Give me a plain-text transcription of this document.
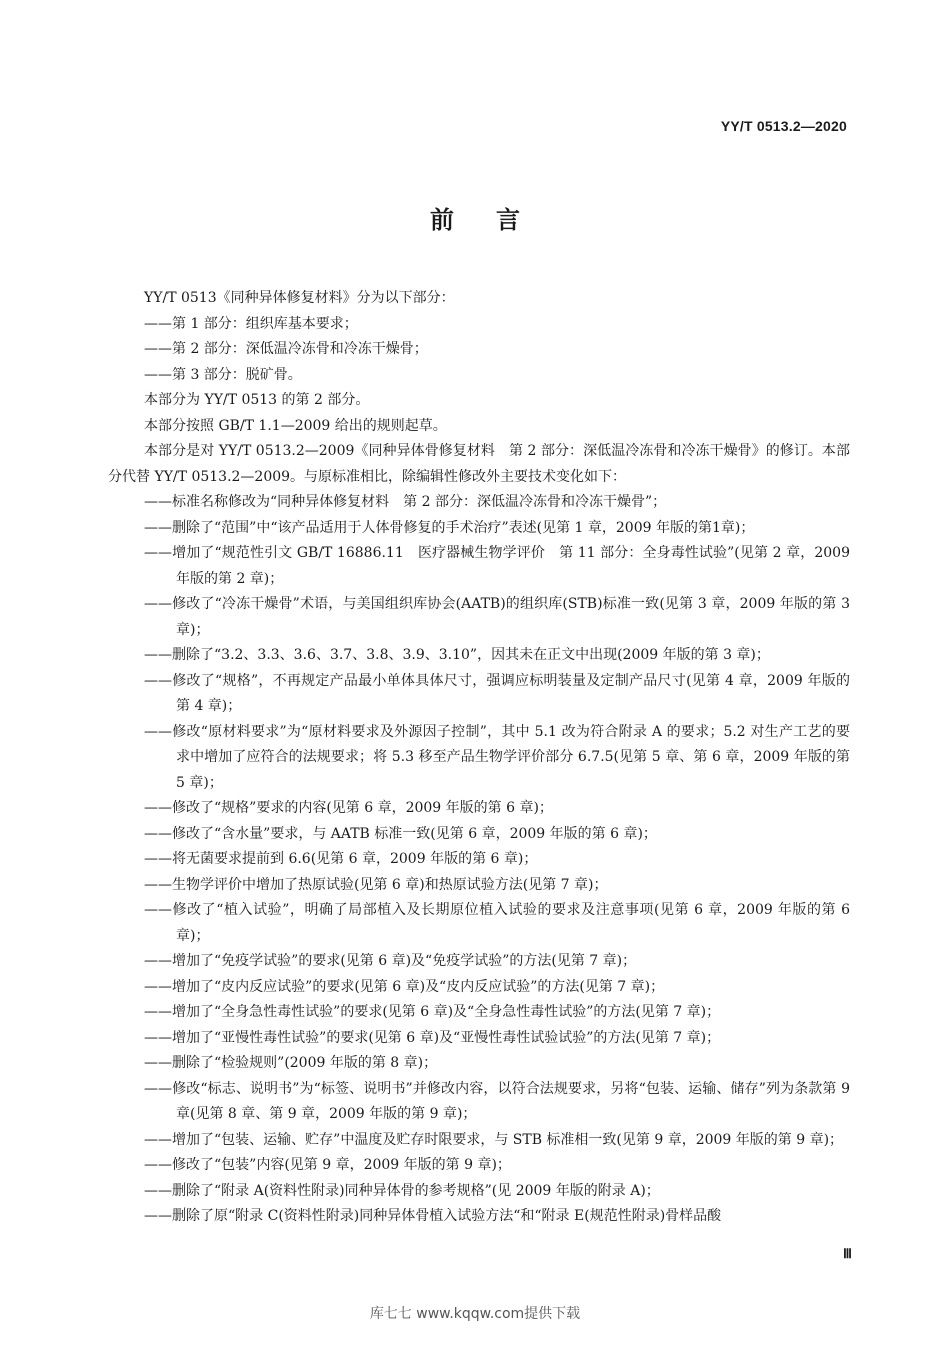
YY/T 0513.2—2020
前言

YY/T 0513《同种异体修复材料》分为以下部分：

——第 1 部分：组织库基本要求；

——第 2 部分：深低温冷冻骨和冷冻干燥骨；

——第 3 部分：脱矿骨。

本部分为 YY/T 0513 的第 2 部分。

本部分按照 GB/T 1.1—2009 给出的规则起草。

本部分是对 YY/T 0513.2—2009《同种异体骨修复材料　第 2 部分：深低温冷冻骨和冷冻干燥骨》的修订。本部分代替 YY/T 0513.2—2009。与原标准相比，除编辑性修改外主要技术变化如下：

——标准名称修改为“同种异体修复材料　第 2 部分：深低温冷冻骨和冷冻干燥骨”；

——删除了“范围”中“该产品适用于人体骨修复的手术治疗”表述(见第 1 章，2009 年版的第1章)；

——增加了“规范性引文 GB/T 16886.11　医疗器械生物学评价　第 11 部分：全身毒性试验”(见第 2 章，2009 年版的第 2 章)；

——修改了“冷冻干燥骨”术语，与美国组织库协会(AATB)的组织库(STB)标准一致(见第 3 章，2009 年版的第 3 章)；

——删除了“3.2、3.3、3.6、3.7、3.8、3.9、3.10”，因其未在正文中出现(2009 年版的第 3 章)；

——修改了“规格”，不再规定产品最小单体具体尺寸，强调应标明装量及定制产品尺寸(见第 4 章，2009 年版的第 4 章)；

——修改“原材料要求”为“原材料要求及外源因子控制”，其中 5.1 改为符合附录 A 的要求；5.2 对生产工艺的要求中增加了应符合的法规要求；将 5.3 移至产品生物学评价部分 6.7.5(见第 5 章、第 6 章，2009 年版的第 5 章)；

——修改了“规格”要求的内容(见第 6 章，2009 年版的第 6 章)；

——修改了“含水量”要求，与 AATB 标准一致(见第 6 章，2009 年版的第 6 章)；

——将无菌要求提前到 6.6(见第 6 章，2009 年版的第 6 章)；

——生物学评价中增加了热原试验(见第 6 章)和热原试验方法(见第 7 章)；

——修改了“植入试验”，明确了局部植入及长期原位植入试验的要求及注意事项(见第 6 章，2009 年版的第 6 章)；

——增加了“免疫学试验”的要求(见第 6 章)及“免疫学试验”的方法(见第 7 章)；

——增加了“皮内反应试验”的要求(见第 6 章)及“皮内反应试验”的方法(见第 7 章)；

——增加了“全身急性毒性试验”的要求(见第 6 章)及“全身急性毒性试验”的方法(见第 7 章)；

——增加了“亚慢性毒性试验”的要求(见第 6 章)及“亚慢性毒性试验试验”的方法(见第 7 章)；

——删除了“检验规则”(2009 年版的第 8 章)；

——修改“标志、说明书”为“标签、说明书”并修改内容，以符合法规要求，另将“包装、运输、储存”列为条款第 9 章(见第 8 章、第 9 章，2009 年版的第 9 章)；

——增加了“包装、运输、贮存”中温度及贮存时限要求，与 STB 标准相一致(见第 9 章，2009 年版的第 9 章)；

——修改了“包装”内容(见第 9 章，2009 年版的第 9 章)；

——删除了“附录 A(资料性附录)同种异体骨的参考规格”(见 2009 年版的附录 A)；

——删除了原“附录 C(资料性附录)同种异体骨植入试验方法“和“附录 E(规范性附录)骨样品酸

Ⅲ
库七七 www.kqqw.com提供下载
